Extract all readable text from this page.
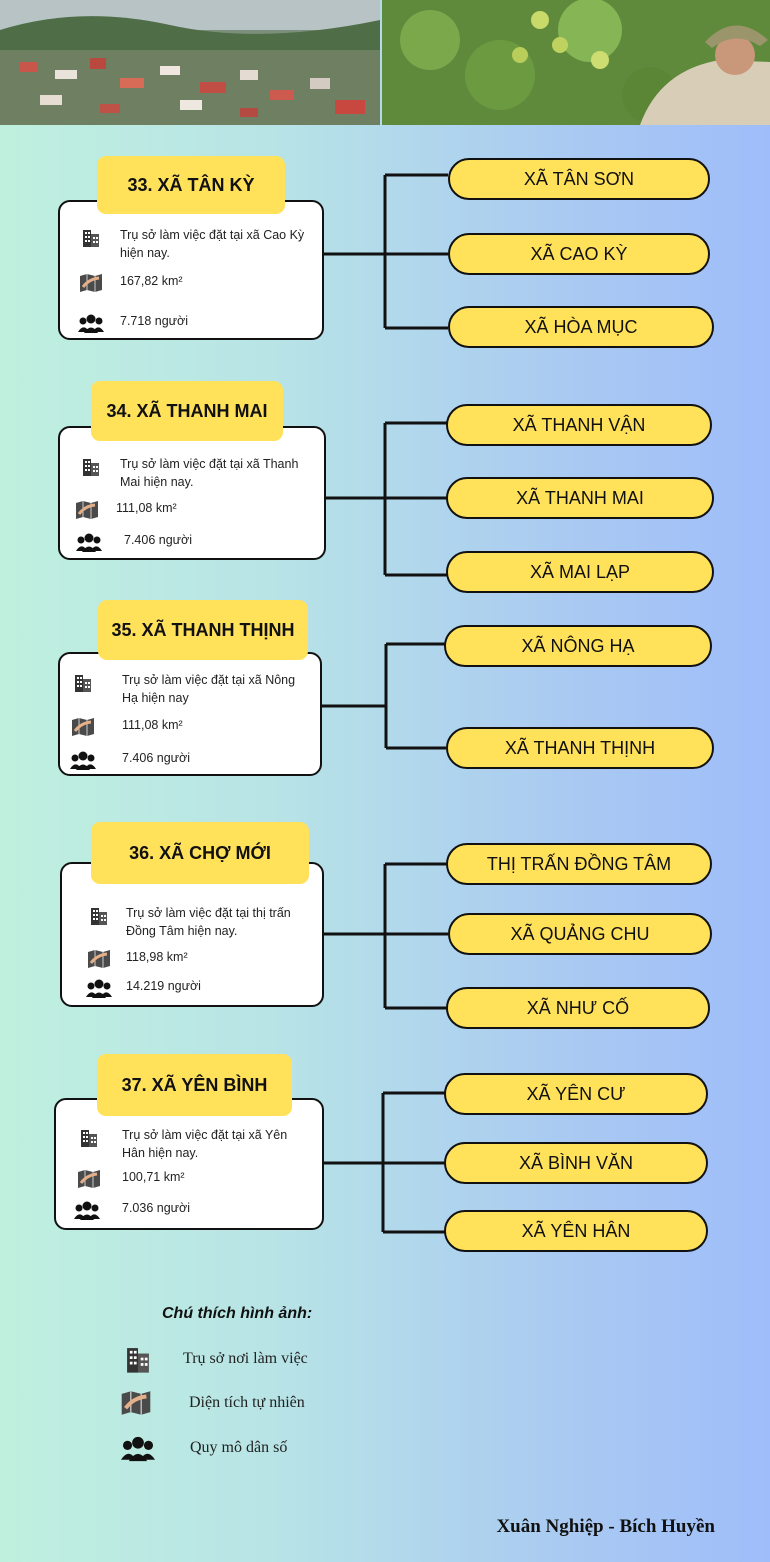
33. XÃ TÂN KỲ
Trụ sở làm việc đặt tại xã Cao Kỳ hiện nay.
167,82 km²
7.718 người
XÃ TÂN SƠN
XÃ CAO KỲ
XÃ HÒA MỤC
34. XÃ THANH MAI
Trụ sở làm việc đặt tại xã Thanh Mai hiện nay.
111,08 km²
7.406 người
XÃ THANH VẬN
XÃ THANH MAI
XÃ MAI LẠP
35. XÃ THANH THỊNH
Trụ sở làm việc đặt tại xã Nông Hạ hiện nay
111,08 km²
7.406 người
XÃ NÔNG HẠ
XÃ THANH THỊNH
36. XÃ CHỢ MỚI
Trụ sở làm việc đặt tại thị trấn Đồng Tâm hiện nay.
118,98 km²
14.219 người
THỊ TRẤN ĐỒNG TÂM
XÃ QUẢNG CHU
XÃ NHƯ CỐ
37. XÃ YÊN BÌNH
Trụ sở làm việc đặt tại xã Yên Hân hiện nay.
100,71 km²
7.036 người
XÃ YÊN CƯ
XÃ BÌNH VĂN
XÃ YÊN HÂN
Chú thích hình ảnh:
Trụ sở nơi làm việc
Diện tích tự nhiên
Quy mô dân số
Xuân Nghiệp - Bích Huyền
